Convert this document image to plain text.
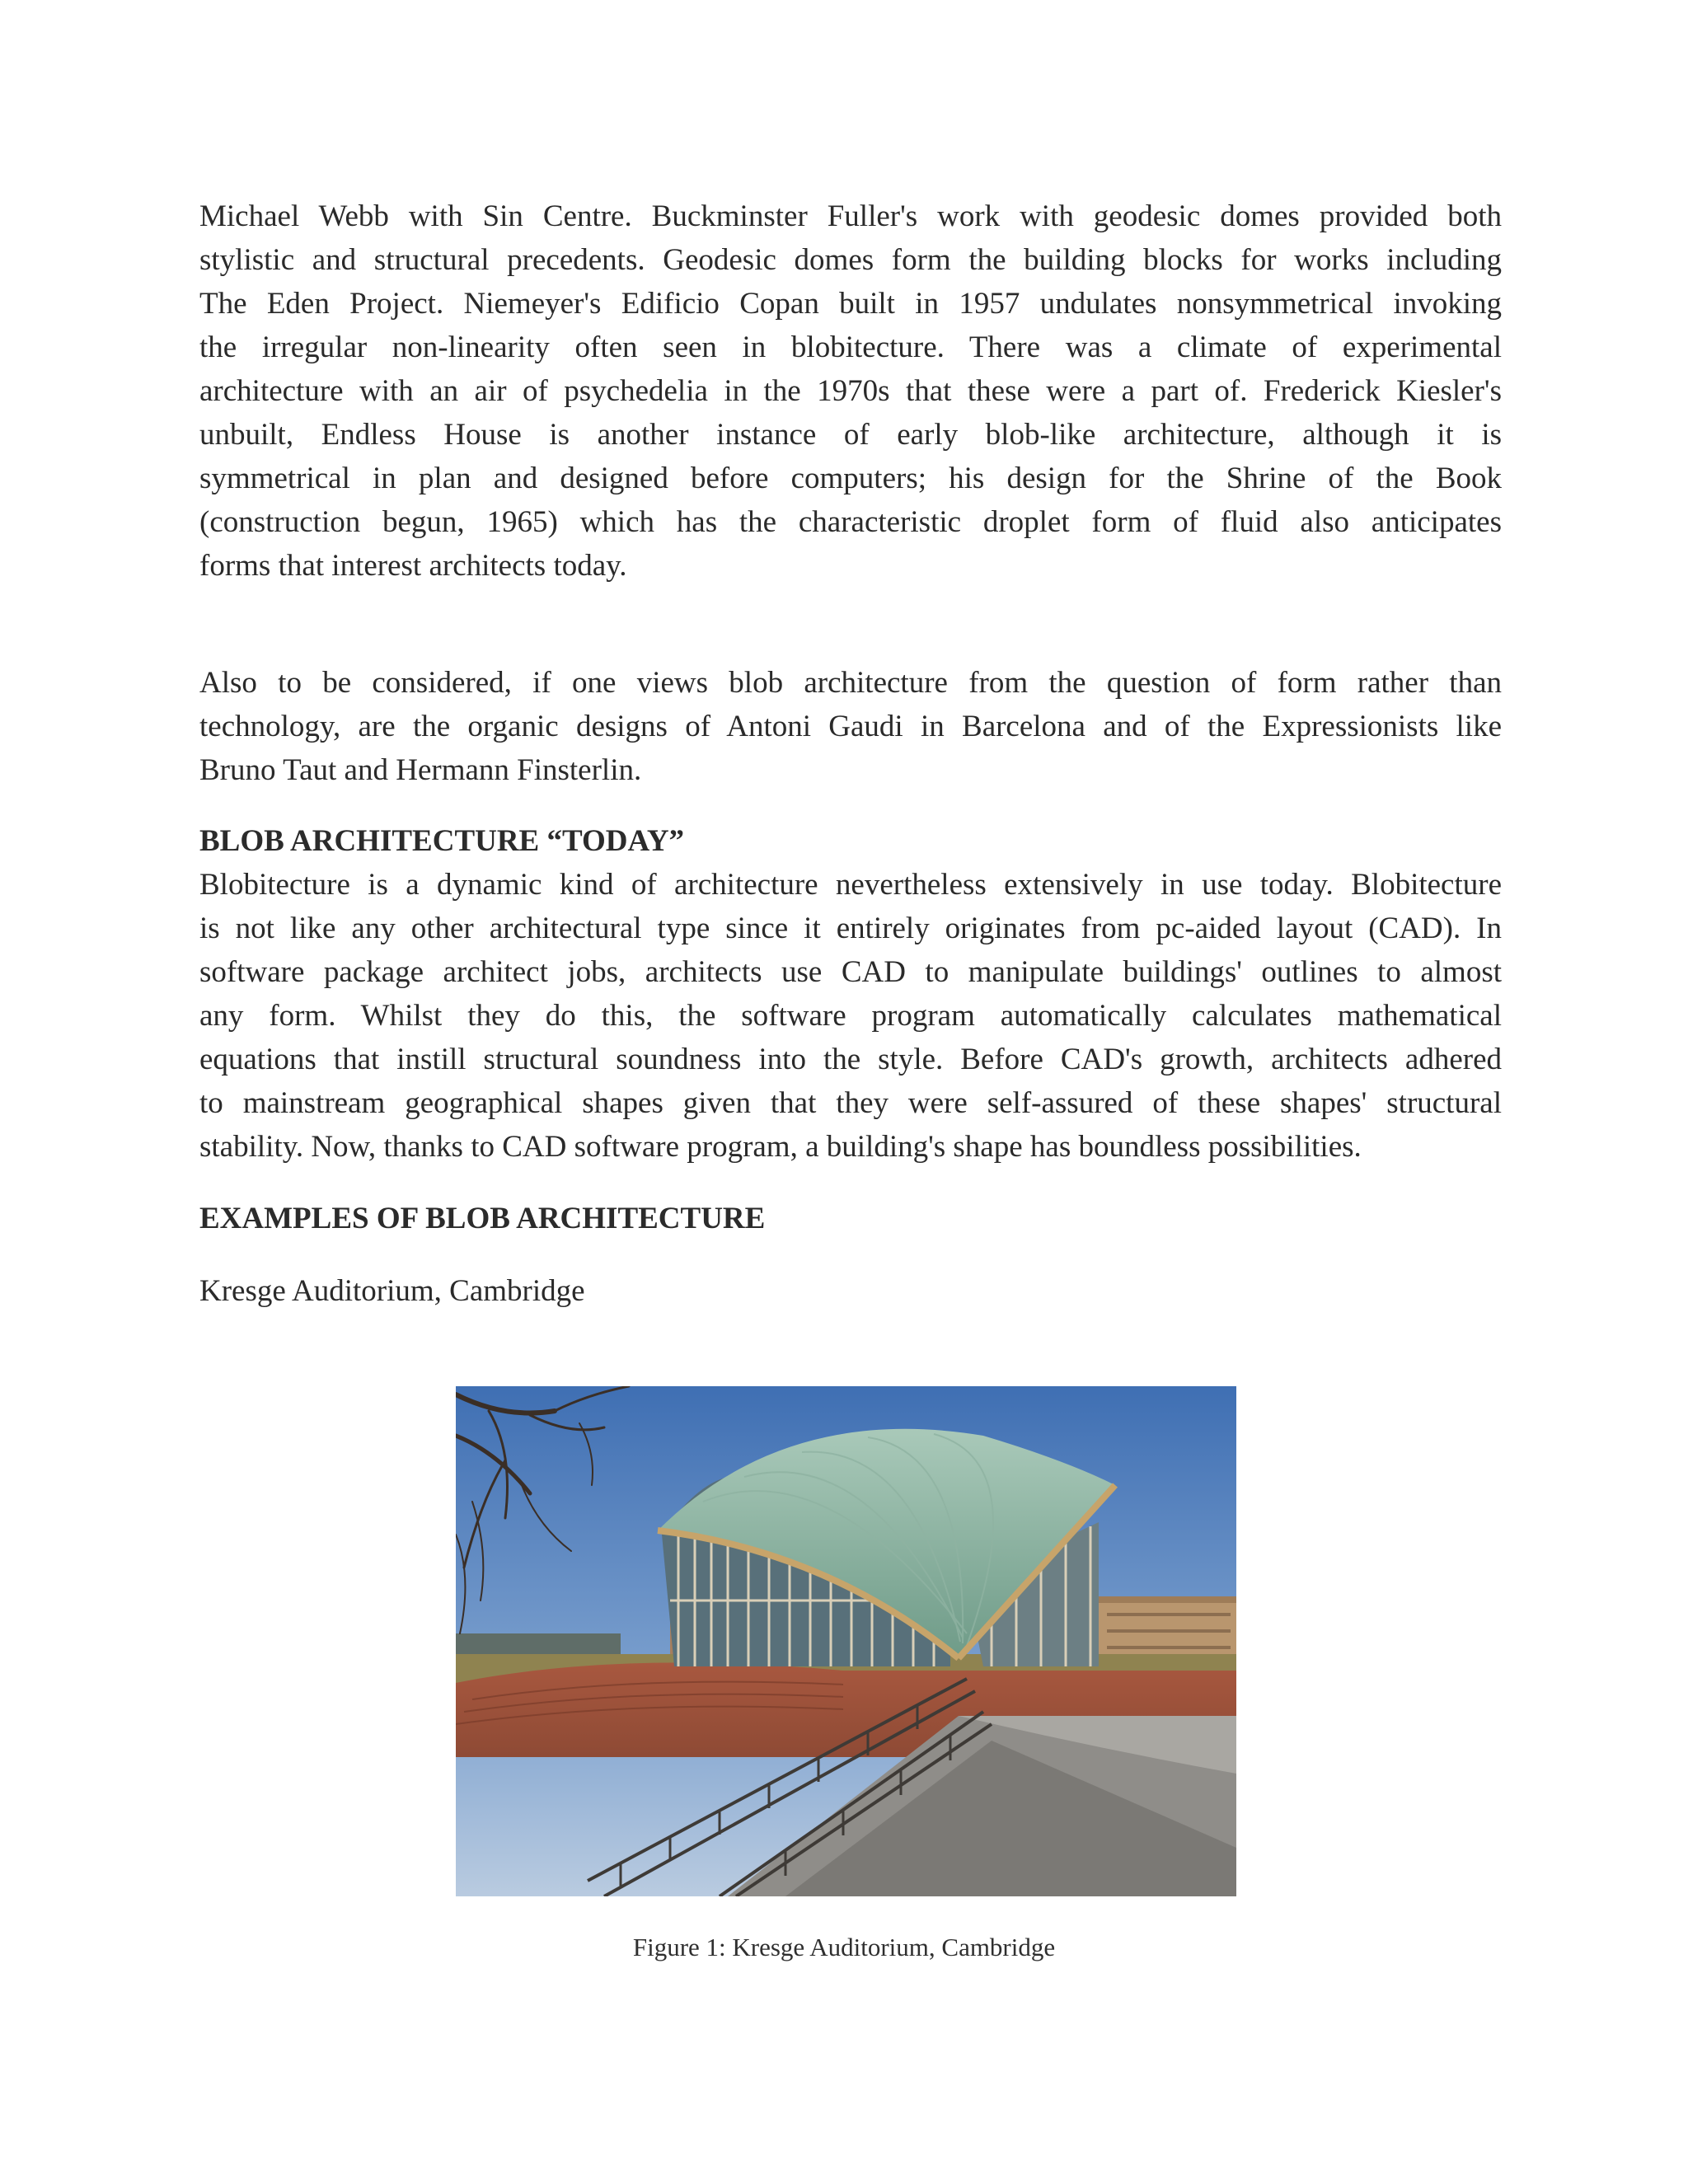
Michael Webb with Sin Centre. Buckminster Fuller's work with geodesic domes provided both
stylistic and structural precedents. Geodesic domes form the building blocks for works including
The Eden Project. Niemeyer's Edificio Copan built in 1957 undulates nonsymmetrical invoking
the irregular non-linearity often seen in blobitecture. There was a climate of experimental
architecture with an air of psychedelia in the 1970s that these were a part of. Frederick Kiesler's
unbuilt, Endless House is another instance of early blob-like architecture, although it is
symmetrical in plan and designed before computers; his design for the Shrine of the Book
(construction begun, 1965) which has the characteristic droplet form of fluid also anticipates
forms that interest architects today.
Also to be considered, if one views blob architecture from the question of form rather than
technology, are the organic designs of Antoni Gaudi in Barcelona and of the Expressionists like
Bruno Taut and Hermann Finsterlin.
BLOB ARCHITECTURE “TODAY”
Blobitecture is a dynamic kind of architecture nevertheless extensively in use today. Blobitecture
is not like any other architectural type since it entirely originates from pc-aided layout (CAD). In
software package architect jobs, architects use CAD to manipulate buildings' outlines to almost
any form. Whilst they do this, the software program automatically calculates mathematical
equations that instill structural soundness into the style. Before CAD's growth, architects adhered
to mainstream geographical shapes given that they were self-assured of these shapes' structural
stability. Now, thanks to CAD software program, a building's shape has boundless possibilities.
EXAMPLES OF BLOB ARCHITECTURE
Kresge Auditorium, Cambridge
Figure 1: Kresge Auditorium, Cambridge
